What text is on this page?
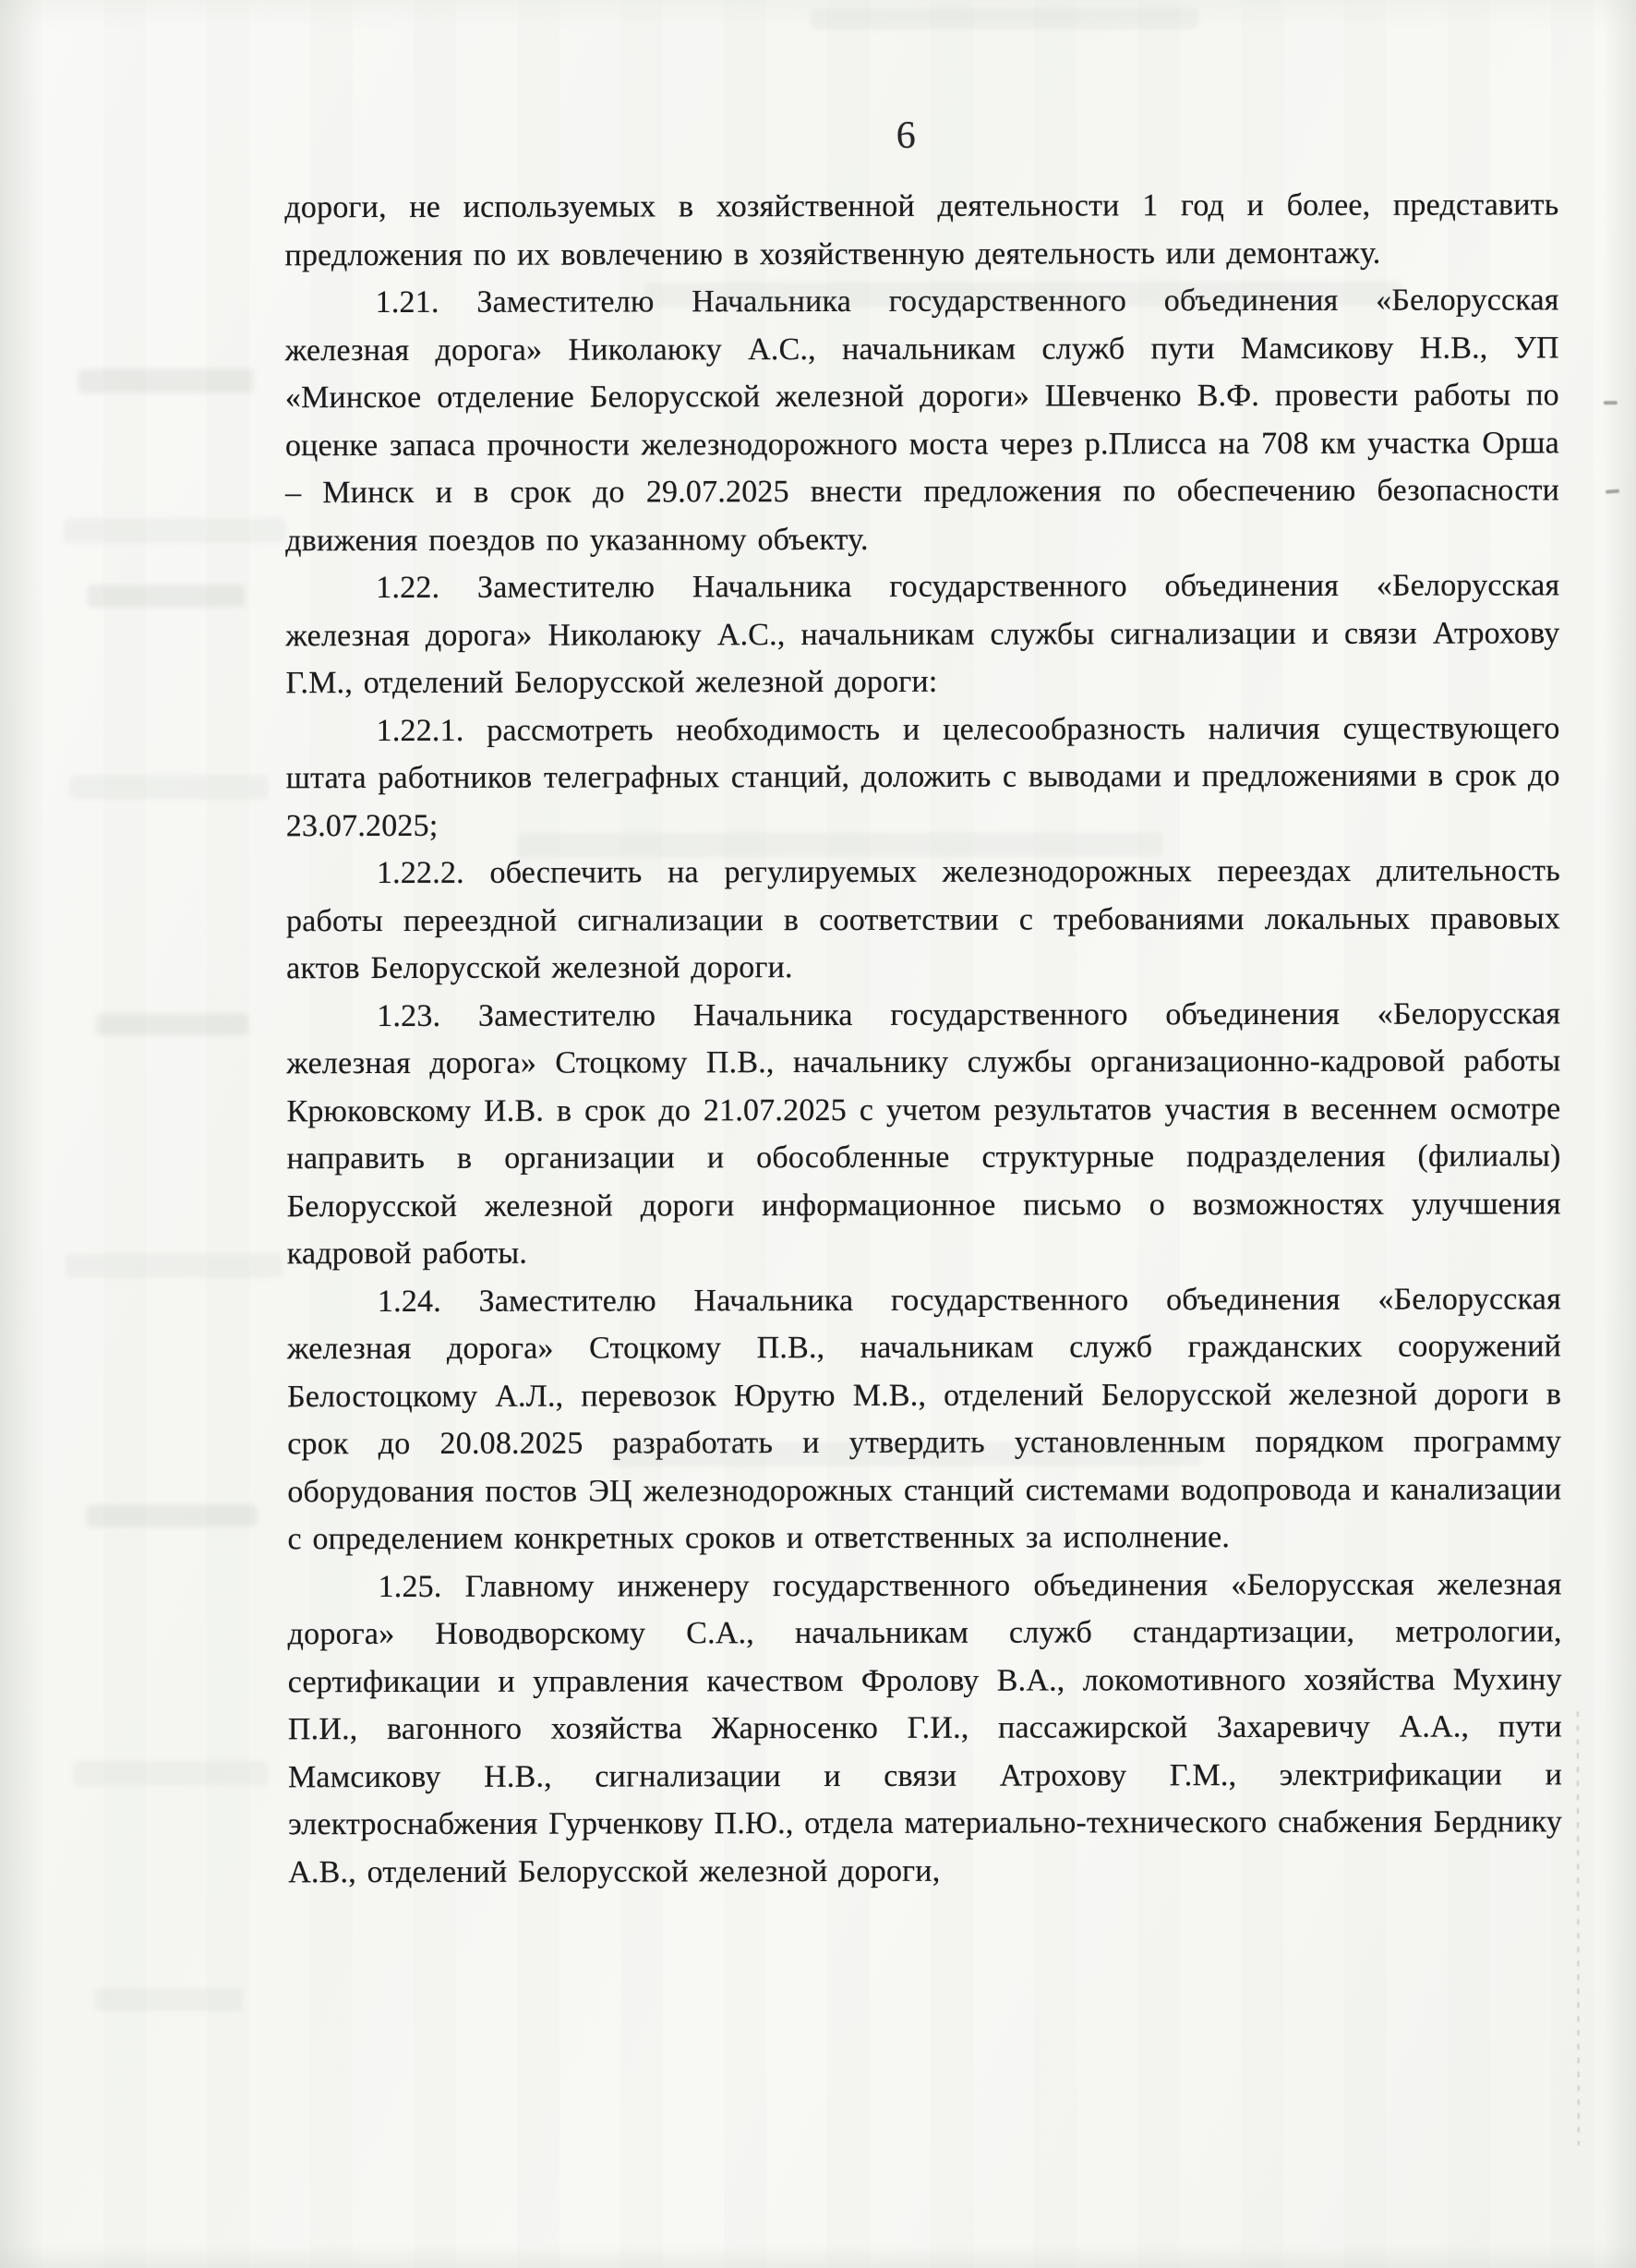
6

дороги, не используемых в хозяйственной деятельности 1 год и более, представить предложения по их вовлечению в хозяйственную деятельность или демонтажу.

1.21. Заместителю Начальника государственного объединения «Белорусская железная дорога» Николаюку А.С., начальникам служб пути Мамсикову Н.В., УП «Минское отделение Белорусской железной дороги» Шевченко В.Ф. провести работы по оценке запаса прочности железнодорожного моста через р.Плисса на 708 км участка Орша – Минск и в срок до 29.07.2025 внести предложения по обеспечению безопасности движения поездов по указанному объекту.

1.22. Заместителю Начальника государственного объединения «Белорусская железная дорога» Николаюку А.С., начальникам службы сигнализации и связи Атрохову Г.М., отделений Белорусской железной дороги:

1.22.1. рассмотреть необходимость и целесообразность наличия существующего штата работников телеграфных станций, доложить с выводами и предложениями в срок до 23.07.2025;

1.22.2. обеспечить на регулируемых железнодорожных переездах длительность работы переездной сигнализации в соответствии с требованиями локальных правовых актов Белорусской железной дороги.

1.23. Заместителю Начальника государственного объединения «Белорусская железная дорога» Стоцкому П.В., начальнику службы организационно-кадровой работы Крюковскому И.В. в срок до 21.07.2025 с учетом результатов участия в весеннем осмотре направить в организации и обособленные структурные подразделения (филиалы) Белорусской железной дороги информационное письмо о возможностях улучшения кадровой работы.

1.24. Заместителю Начальника государственного объединения «Белорусская железная дорога» Стоцкому П.В., начальникам служб гражданских сооружений Белостоцкому А.Л., перевозок Юрутю М.В., отделений Белорусской железной дороги в срок до 20.08.2025 разработать и утвердить установленным порядком программу оборудования постов ЭЦ железнодорожных станций системами водопровода и канализации с определением конкретных сроков и ответственных за исполнение.

1.25. Главному инженеру государственного объединения «Белорусская железная дорога» Новодворскому С.А., начальникам служб стандартизации, метрологии, сертификации и управления качеством Фролову В.А., локомотивного хозяйства Мухину П.И., вагонного хозяйства Жарносенко Г.И., пассажирской Захаревичу А.А., пути Мамсикову Н.В., сигнализации и связи Атрохову Г.М., электрификации и электроснабжения Гурченкову П.Ю., отдела материально-технического снабжения Берднику А.В., отделений Белорусской железной дороги,
